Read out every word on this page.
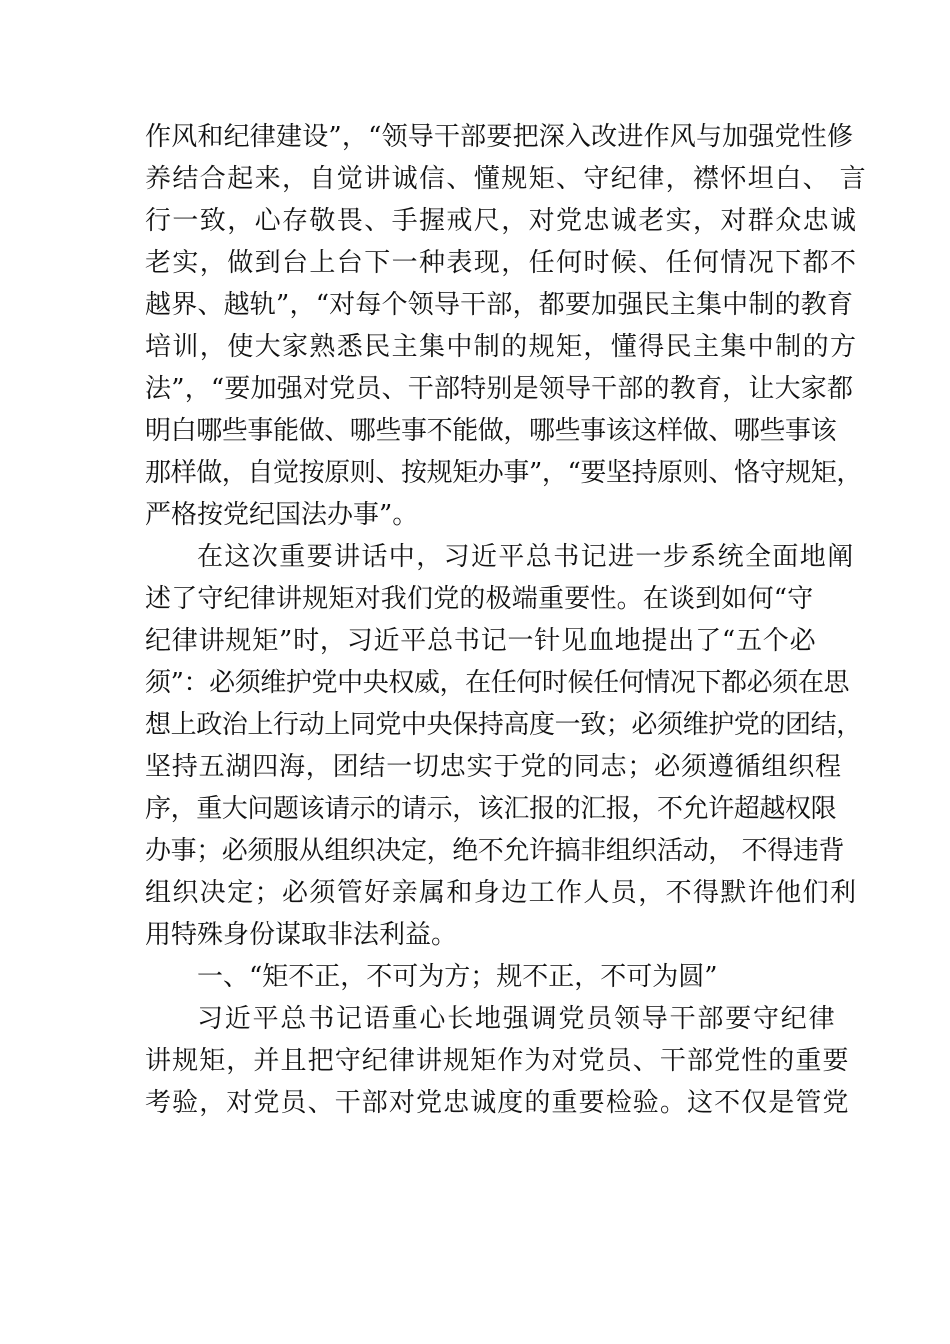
作风和纪律建设”，“领导干部要把深入改进作风与加强党性修
养结合起来，自觉讲诚信、懂规矩、守纪律，襟怀坦白、 言
行一致，心存敬畏、手握戒尺，对党忠诚老实，对群众忠诚
老实，做到台上台下一种表现，任何时候、任何情况下都不
越界、越轨”，“对每个领导干部，都要加强民主集中制的教育
培训，使大家熟悉民主集中制的规矩，懂得民主集中制的方
法”，“要加强对党员、干部特别是领导干部的教育，让大家都
明白哪些事能做、哪些事不能做，哪些事该这样做、哪些事该
那样做，自觉按原则、按规矩办事”，“要坚持原则、恪守规矩，
严格按党纪国法办事”。
在这次重要讲话中，习近平总书记进一步系统全面地阐
述了守纪律讲规矩对我们党的极端重要性。在谈到如何“守
纪律讲规矩”时，习近平总书记一针见血地提出了“五个必
须”：必须维护党中央权威，在任何时候任何情况下都必须在思
想上政治上行动上同党中央保持高度一致；必须维护党的团结，
坚持五湖四海，团结一切忠实于党的同志；必须遵循组织程
序，重大问题该请示的请示，该汇报的汇报，不允许超越权限
办事；必须服从组织决定，绝不允许搞非组织活动， 不得违背
组织决定；必须管好亲属和身边工作人员，不得默许他们利
用特殊身份谋取非法利益。
一、“矩不正，不可为方；规不正，不可为圆”
习近平总书记语重心长地强调党员领导干部要守纪律
讲规矩，并且把守纪律讲规矩作为对党员、干部党性的重要
考验，对党员、干部对党忠诚度的重要检验。这不仅是管党
